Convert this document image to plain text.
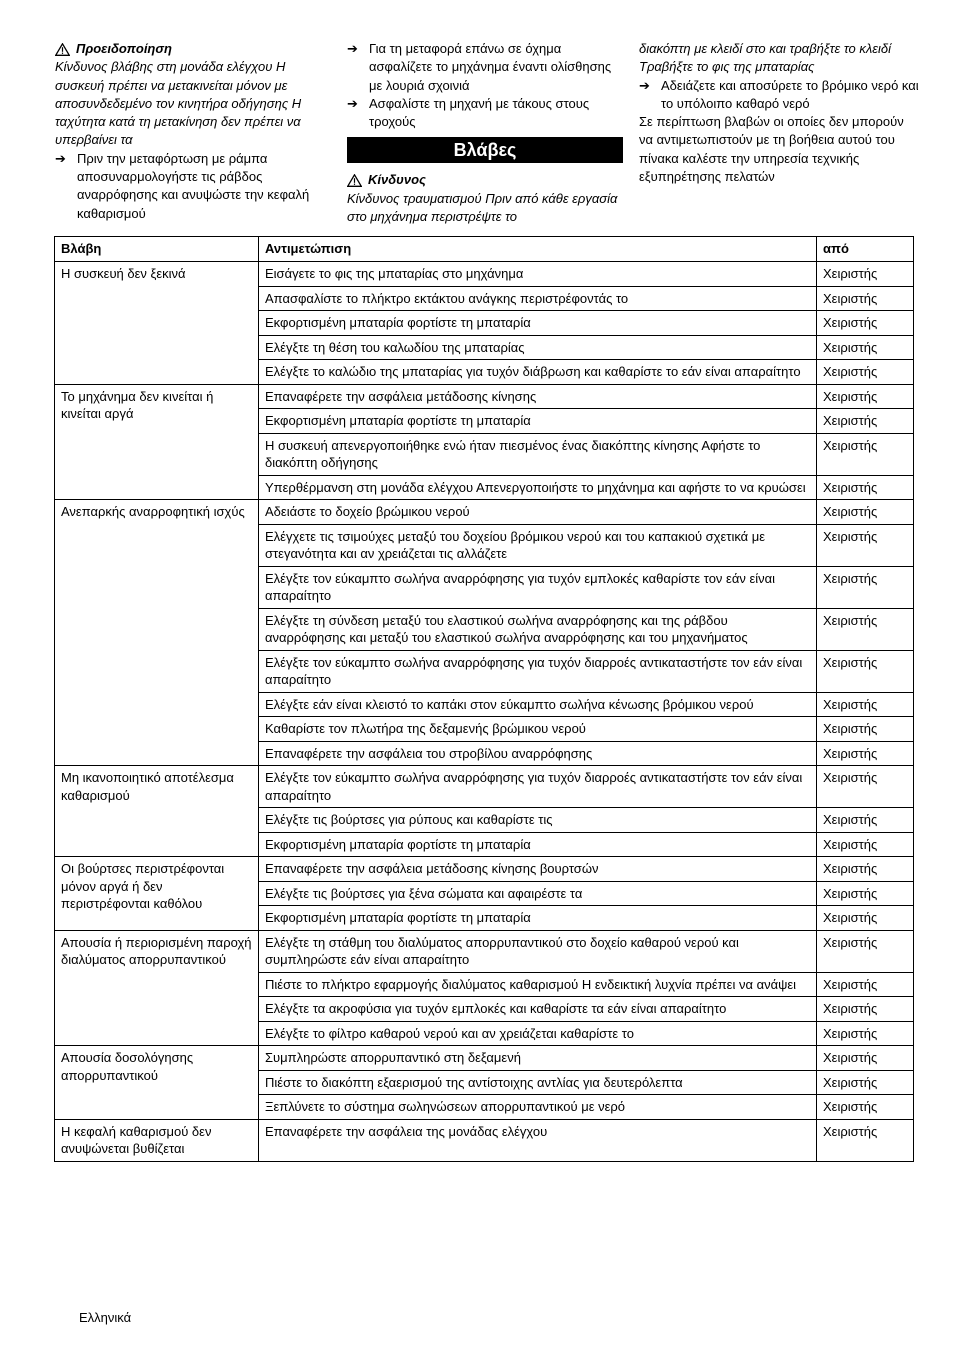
Προειδοποίηση

Κίνδυνος βλάβης στη μονάδα ελέγχου Η συσκευή πρέπει να μετακινείται μόνον με αποσυνδεδεμένο τον κινητήρα οδήγησης Η ταχύτητα κατά τη μετακίνηση δεν πρέπει να υπερβαίνει τα

➔ Πριν την μεταφόρτωση με ράμπα αποσυναρμολογήστε τις ράβδος αναρρόφησης και ανυψώστε την κεφαλή καθαρισμού
➔ Για τη μεταφορά επάνω σε όχημα ασφαλίζετε το μηχάνημα έναντι ολίσθησης με λουριά σχοινιά
➔ Ασφαλίστε τη μηχανή με τάκους στους τροχούς
Βλάβες
Κίνδυνος

Κίνδυνος τραυματισμού Πριν από κάθε εργασία στο μηχάνημα περιστρέψτε το

διακόπτη με κλειδί στο και τραβήξτε το κλειδί Τραβήξτε το φις της μπαταρίας

➔ Αδειάζετε και αποσύρετε το βρόμικο νερό και το υπόλοιπο καθαρό νερό

Σε περίπτωση βλαβών οι οποίες δεν μπορούν να αντιμετωπιστούν με τη βοήθεια αυτού του πίνακα καλέστε την υπηρεσία τεχνικής εξυπηρέτησης πελατών

Βλάβη	Αντιμετώπιση	από
Η συσκευή δεν ξεκινά	Εισάγετε το φις της μπαταρίας στο μηχάνημα	Χειριστής
	Απασφαλίστε το πλήκτρο εκτάκτου ανάγκης περιστρέφοντάς το	Χειριστής
	Εκφορτισμένη μπαταρία φορτίστε τη μπαταρία	Χειριστής
	Ελέγξτε τη θέση του καλωδίου της μπαταρίας	Χειριστής
	Ελέγξτε το καλώδιο της μπαταρίας για τυχόν διάβρωση και καθαρίστε το εάν είναι απαραίτητο	Χειριστής
Το μηχάνημα δεν κινείται ή κινείται αργά	Επαναφέρετε την ασφάλεια μετάδοσης κίνησης	Χειριστής
	Εκφορτισμένη μπαταρία φορτίστε τη μπαταρία	Χειριστής
	Η συσκευή απενεργοποιήθηκε ενώ ήταν πιεσμένος ένας διακόπτης κίνησης Αφήστε το διακόπτη οδήγησης	Χειριστής
	Υπερθέρμανση στη μονάδα ελέγχου Απενεργοποιήστε το μηχάνημα και αφήστε το να κρυώσει	Χειριστής
Ανεπαρκής αναρροφητική ισχύς	Αδειάστε το δοχείο βρώμικου νερού	Χειριστής
	Ελέγχετε τις τσιμούχες μεταξύ του δοχείου βρόμικου νερού και του καπακιού σχετικά με στεγανότητα και αν χρειάζεται τις αλλάζετε	Χειριστής
	Ελέγξτε τον εύκαμπτο σωλήνα αναρρόφησης για τυχόν εμπλοκές καθαρίστε τον εάν είναι απαραίτητο	Χειριστής
	Ελέγξτε τη σύνδεση μεταξύ του ελαστικού σωλήνα αναρρόφησης και της ράβδου αναρρόφησης και μεταξύ του ελαστικού σωλήνα αναρρόφησης και του μηχανήματος	Χειριστής
	Ελέγξτε τον εύκαμπτο σωλήνα αναρρόφησης για τυχόν διαρροές αντικαταστήστε τον εάν είναι απαραίτητο	Χειριστής
	Ελέγξτε εάν είναι κλειστό το καπάκι στον εύκαμπτο σωλήνα κένωσης βρόμικου νερού	Χειριστής
	Καθαρίστε τον πλωτήρα της δεξαμενής βρώμικου νερού	Χειριστής
	Επαναφέρετε την ασφάλεια του στροβίλου αναρρόφησης	Χειριστής
Μη ικανοποιητικό αποτέλεσμα καθαρισμού	Ελέγξτε τον εύκαμπτο σωλήνα αναρρόφησης για τυχόν διαρροές αντικαταστήστε τον εάν είναι απαραίτητο	Χειριστής
	Ελέγξτε τις βούρτσες για ρύπους και καθαρίστε τις	Χειριστής
	Εκφορτισμένη μπαταρία φορτίστε τη μπαταρία	Χειριστής
Οι βούρτσες περιστρέφονται μόνον αργά ή δεν περιστρέφονται καθόλου	Επαναφέρετε την ασφάλεια μετάδοσης κίνησης βουρτσών	Χειριστής
	Ελέγξτε τις βούρτσες για ξένα σώματα και αφαιρέστε τα	Χειριστής
	Εκφορτισμένη μπαταρία φορτίστε τη μπαταρία	Χειριστής
Απουσία ή περιορισμένη παροχή διαλύματος απορρυπαντικού	Ελέγξτε τη στάθμη του διαλύματος απορρυπαντικού στο δοχείο καθαρού νερού και συμπληρώστε εάν είναι απαραίτητο	Χειριστής
	Πιέστε το πλήκτρο εφαρμογής διαλύματος καθαρισμού Η ενδεικτική λυχνία πρέπει να ανάψει	Χειριστής
	Ελέγξτε τα ακροφύσια για τυχόν εμπλοκές και καθαρίστε τα εάν είναι απαραίτητο	Χειριστής
	Ελέγξτε το φίλτρο καθαρού νερού και αν χρειάζεται καθαρίστε το	Χειριστής
Απουσία δοσολόγησης απορρυπαντικού	Συμπληρώστε απορρυπαντικό στη δεξαμενή	Χειριστής
	Πιέστε το διακόπτη εξαερισμού της αντίστοιχης αντλίας για δευτερόλεπτα	Χειριστής
	Ξεπλύνετε το σύστημα σωληνώσεων απορρυπαντικού με νερό	Χειριστής
Η κεφαλή καθαρισμού δεν ανυψώνεται βυθίζεται	Επαναφέρετε την ασφάλεια της μονάδας ελέγχου	Χειριστής
Ελληνικά
